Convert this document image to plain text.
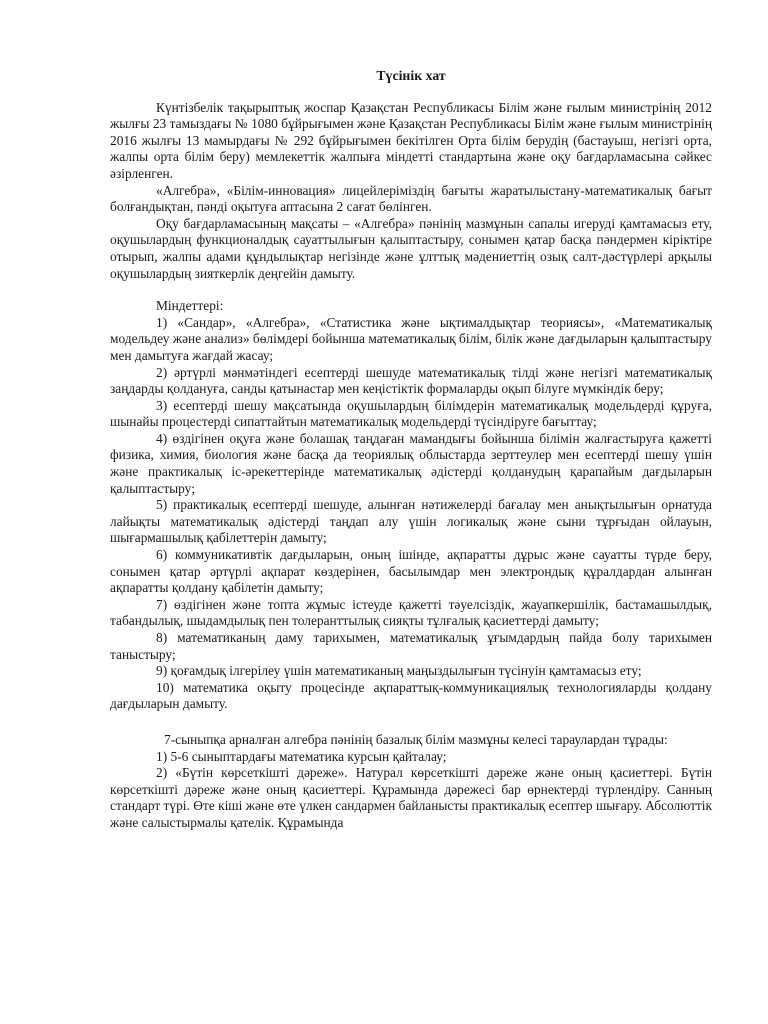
Түсінік хат

Күнтізбелік тақырыптық жоспар Қазақстан Республикасы Білім және ғылым министрінің 2012 жылғы 23 тамыздағы № 1080 бұйрығымен және Қазақстан Республикасы Білім және ғылым министрінің 2016 жылғы 13 мамырдағы № 292 бұйрығымен бекітілген Орта білім берудің (бастауыш, негізгі орта, жалпы орта білім беру) мемлекеттік жалпыға міндетті стандартына және оқу бағдарламасына сәйкес әзірленген.

«Алгебра», «Білім-инновация» лицейлеріміздің бағыты жаратылыстану-математикалық бағыт болғандықтан, пәнді оқытуға аптасына 2 сағат бөлінген.

Оқу бағдарламасының мақсаты – «Алгебра» пәнінің мазмұнын сапалы игеруді қамтамасыз ету, оқушылардың функционалдық сауаттылығын қалыптастыру, сонымен қатар басқа пәндермен кіріктіре отырып, жалпы адами құндылықтар негізінде және ұлттық мәдениеттің озық салт-дәстүрлері арқылы оқушылардың зияткерлік деңгейін дамыту.

Міндеттері:

1) «Сандар», «Алгебра», «Статистика және ықтималдықтар теориясы», «Математикалық модельдеу және анализ» бөлімдері бойынша математикалық білім, білік және дағдыларын қалыптастыру мен дамытуға жағдай жасау;

2) әртүрлі мәнмәтіндегі есептерді шешуде математикалық тілді және негізгі математикалық заңдарды қолдануға, санды қатынастар мен кеңістіктік формаларды оқып білуге мүмкіндік беру;

3) есептерді шешу мақсатында оқушылардың білімдерін математикалық модельдерді құруға, шынайы процестерді сипаттайтын математикалық модельдерді түсіндіруге бағыттау;

4) өздігінен оқуға және болашақ таңдаған мамандығы бойынша білімін жалғастыруға қажетті физика, химия, биология және басқа да теориялық облыстарда зерттеулер мен есептерді шешу үшін және практикалық іс-әрекеттерінде математикалық әдістерді қолданудың қарапайым дағдыларын қалыптастыру;

5) практикалық есептерді шешуде, алынған нәтижелерді бағалау мен анықтылығын орнатуда лайықты математикалық әдістерді таңдап алу үшін логикалық және сыни тұрғыдан ойлауын, шығармашылық қабілеттерін дамыту;

6) коммуникативтік дағдыларын, оның ішінде, ақпаратты дұрыс және сауатты түрде беру, сонымен қатар әртүрлі ақпарат көздерінен, басылымдар мен электрондық құралдардан алынған ақпаратты қолдану қабілетін дамыту;

7) өздігінен және топта жұмыс істеуде қажетті тәуелсіздік, жауапкершілік, бастамашылдық, табандылық, шыдамдылық пен толеранттылық сияқты тұлғалық қасиеттерді дамыту;

8) математиканың даму тарихымен, математикалық ұғымдардың пайда болу тарихымен таныстыру;

9) қоғамдық ілгерілеу үшін математиканың маңыздылығын түсінуін қамтамасыз ету;

10) математика оқыту процесінде ақпараттық-коммуникациялық технологияларды қолдану дағдыларын дамыту.

7-сыныпқа арналған алгебра пәнінің базалық білім мазмұны келесі тараулардан тұрады:

1) 5-6 сыныптардағы математика курсын қайталау;

2) «Бүтін көрсеткішті дәреже». Натурал көрсеткішті дәреже және оның қасиеттері. Бүтін көрсеткішті дәреже және оның қасиеттері. Құрамында дәрежесі бар өрнектерді түрлендіру. Санның стандарт түрі. Өте кіші және өте үлкен сандармен байланысты практикалық есептер шығару. Абсолюттік және салыстырмалы қателік. Құрамында
